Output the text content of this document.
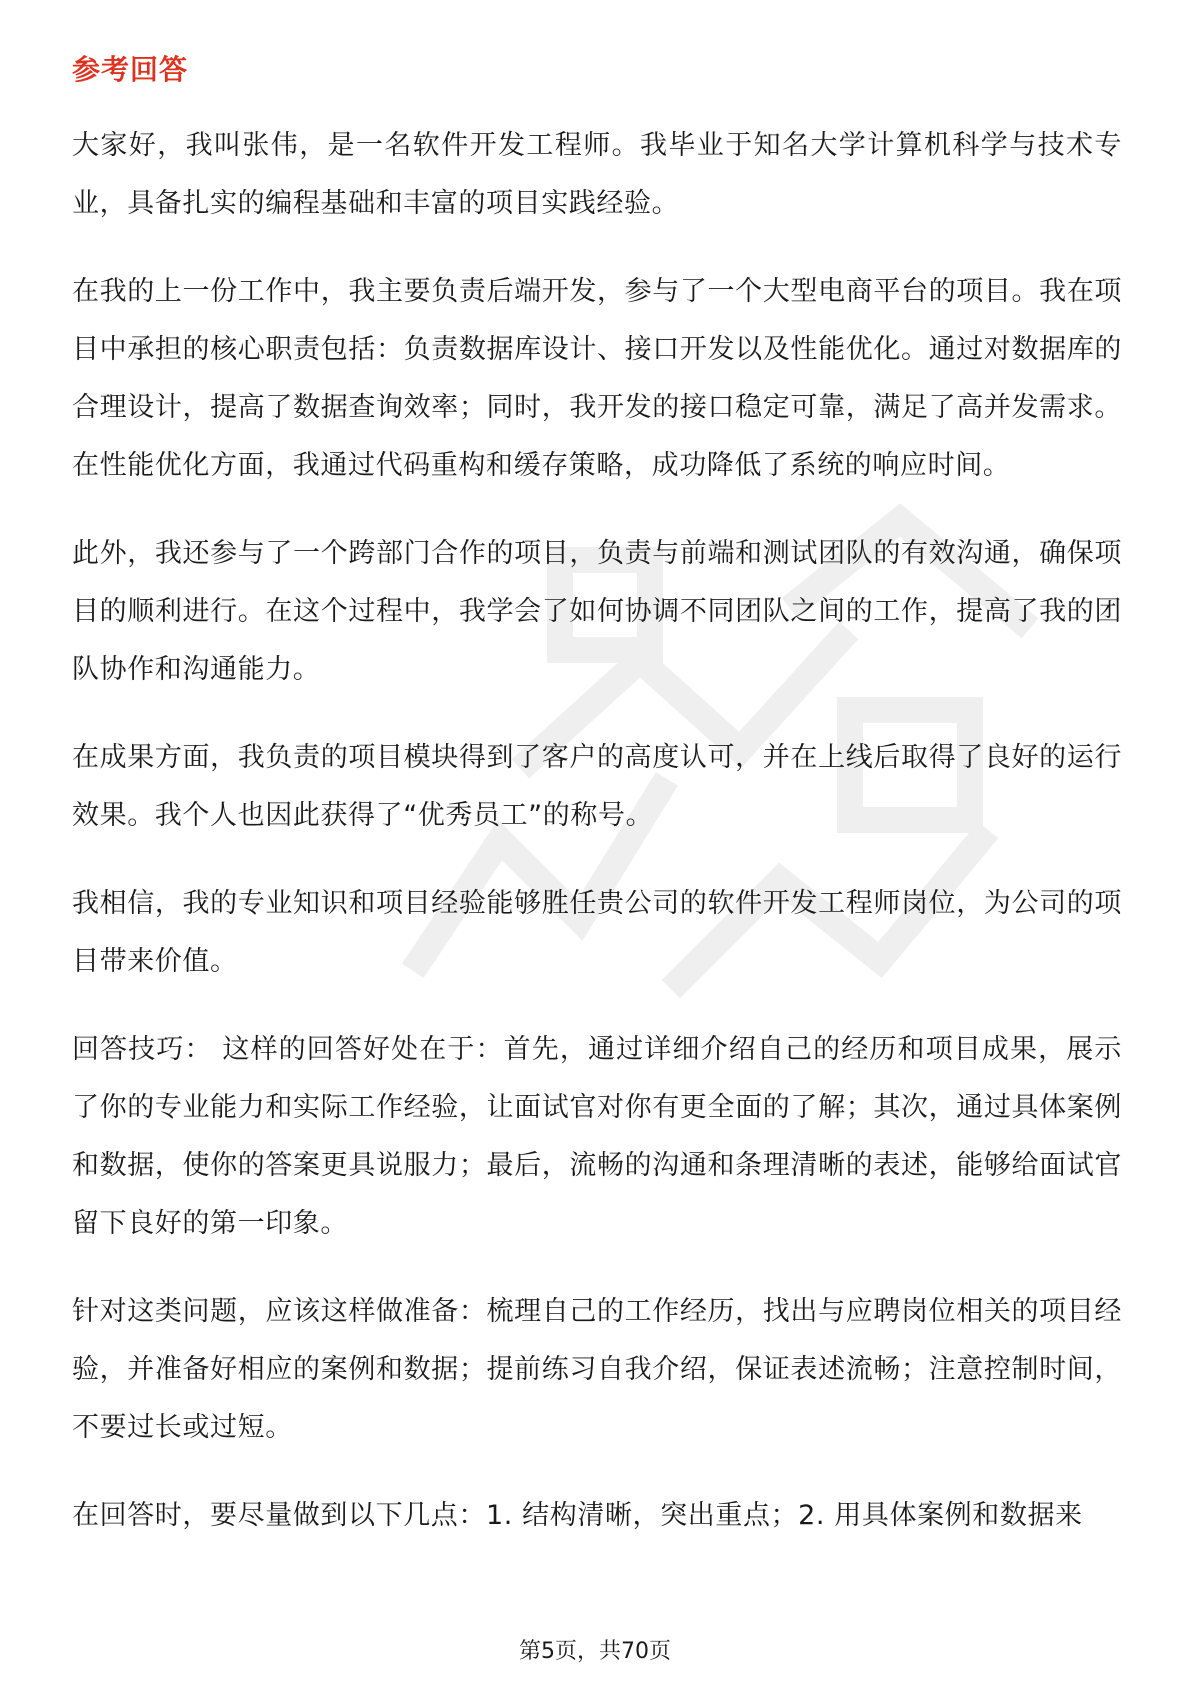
参考回答

大家好，我叫张伟，是一名软件开发工程师。我毕业于知名大学计算机科学与技术专业，具备扎实的编程基础和丰富的项目实践经验。

在我的上一份工作中，我主要负责后端开发，参与了一个大型电商平台的项目。我在项目中承担的核心职责包括：负责数据库设计、接口开发以及性能优化。通过对数据库的合理设计，提高了数据查询效率；同时，我开发的接口稳定可靠，满足了高并发需求。在性能优化方面，我通过代码重构和缓存策略，成功降低了系统的响应时间。

此外，我还参与了一个跨部门合作的项目，负责与前端和测试团队的有效沟通，确保项目的顺利进行。在这个过程中，我学会了如何协调不同团队之间的工作，提高了我的团队协作和沟通能力。

在成果方面，我负责的项目模块得到了客户的高度认可，并在上线后取得了良好的运行效果。我个人也因此获得了“优秀员工”的称号。

我相信，我的专业知识和项目经验能够胜任贵公司的软件开发工程师岗位，为公司的项目带来价值。

回答技巧： 这样的回答好处在于：首先，通过详细介绍自己的经历和项目成果，展示了你的专业能力和实际工作经验，让面试官对你有更全面的了解；其次，通过具体案例和数据，使你的答案更具说服力；最后，流畅的沟通和条理清晰的表述，能够给面试官留下良好的第一印象。

针对这类问题，应该这样做准备：梳理自己的工作经历，找出与应聘岗位相关的项目经验，并准备好相应的案例和数据；提前练习自我介绍，保证表述流畅；注意控制时间，不要过长或过短。

在回答时，要尽量做到以下几点：1. 结构清晰，突出重点；2. 用具体案例和数据来

第5页，共70页
